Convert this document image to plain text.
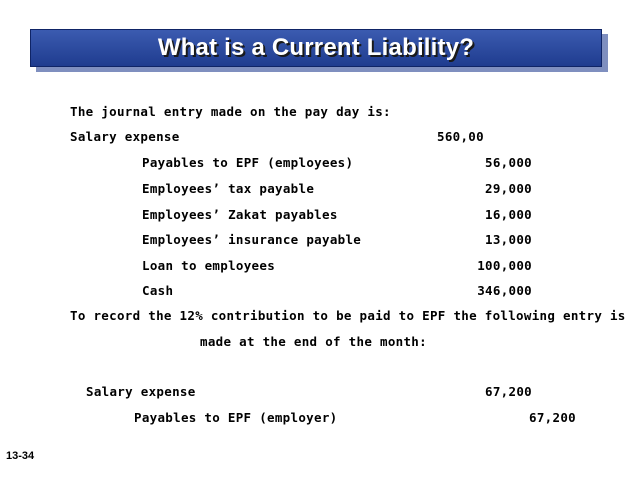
What is a Current Liability?
The journal entry made on the pay day is:
Salary expense	560,00
Payables to EPF (employees)	56,000
Employees’ tax payable	29,000
Employees’ Zakat payables	16,000
Employees’ insurance payable	13,000
Loan to employees	100,000
Cash	346,000
To record the 12% contribution to be paid to EPF the following entry is
made at the end of the month:
Salary expense	67,200
Payables to EPF (employer)	67,200
13-34
